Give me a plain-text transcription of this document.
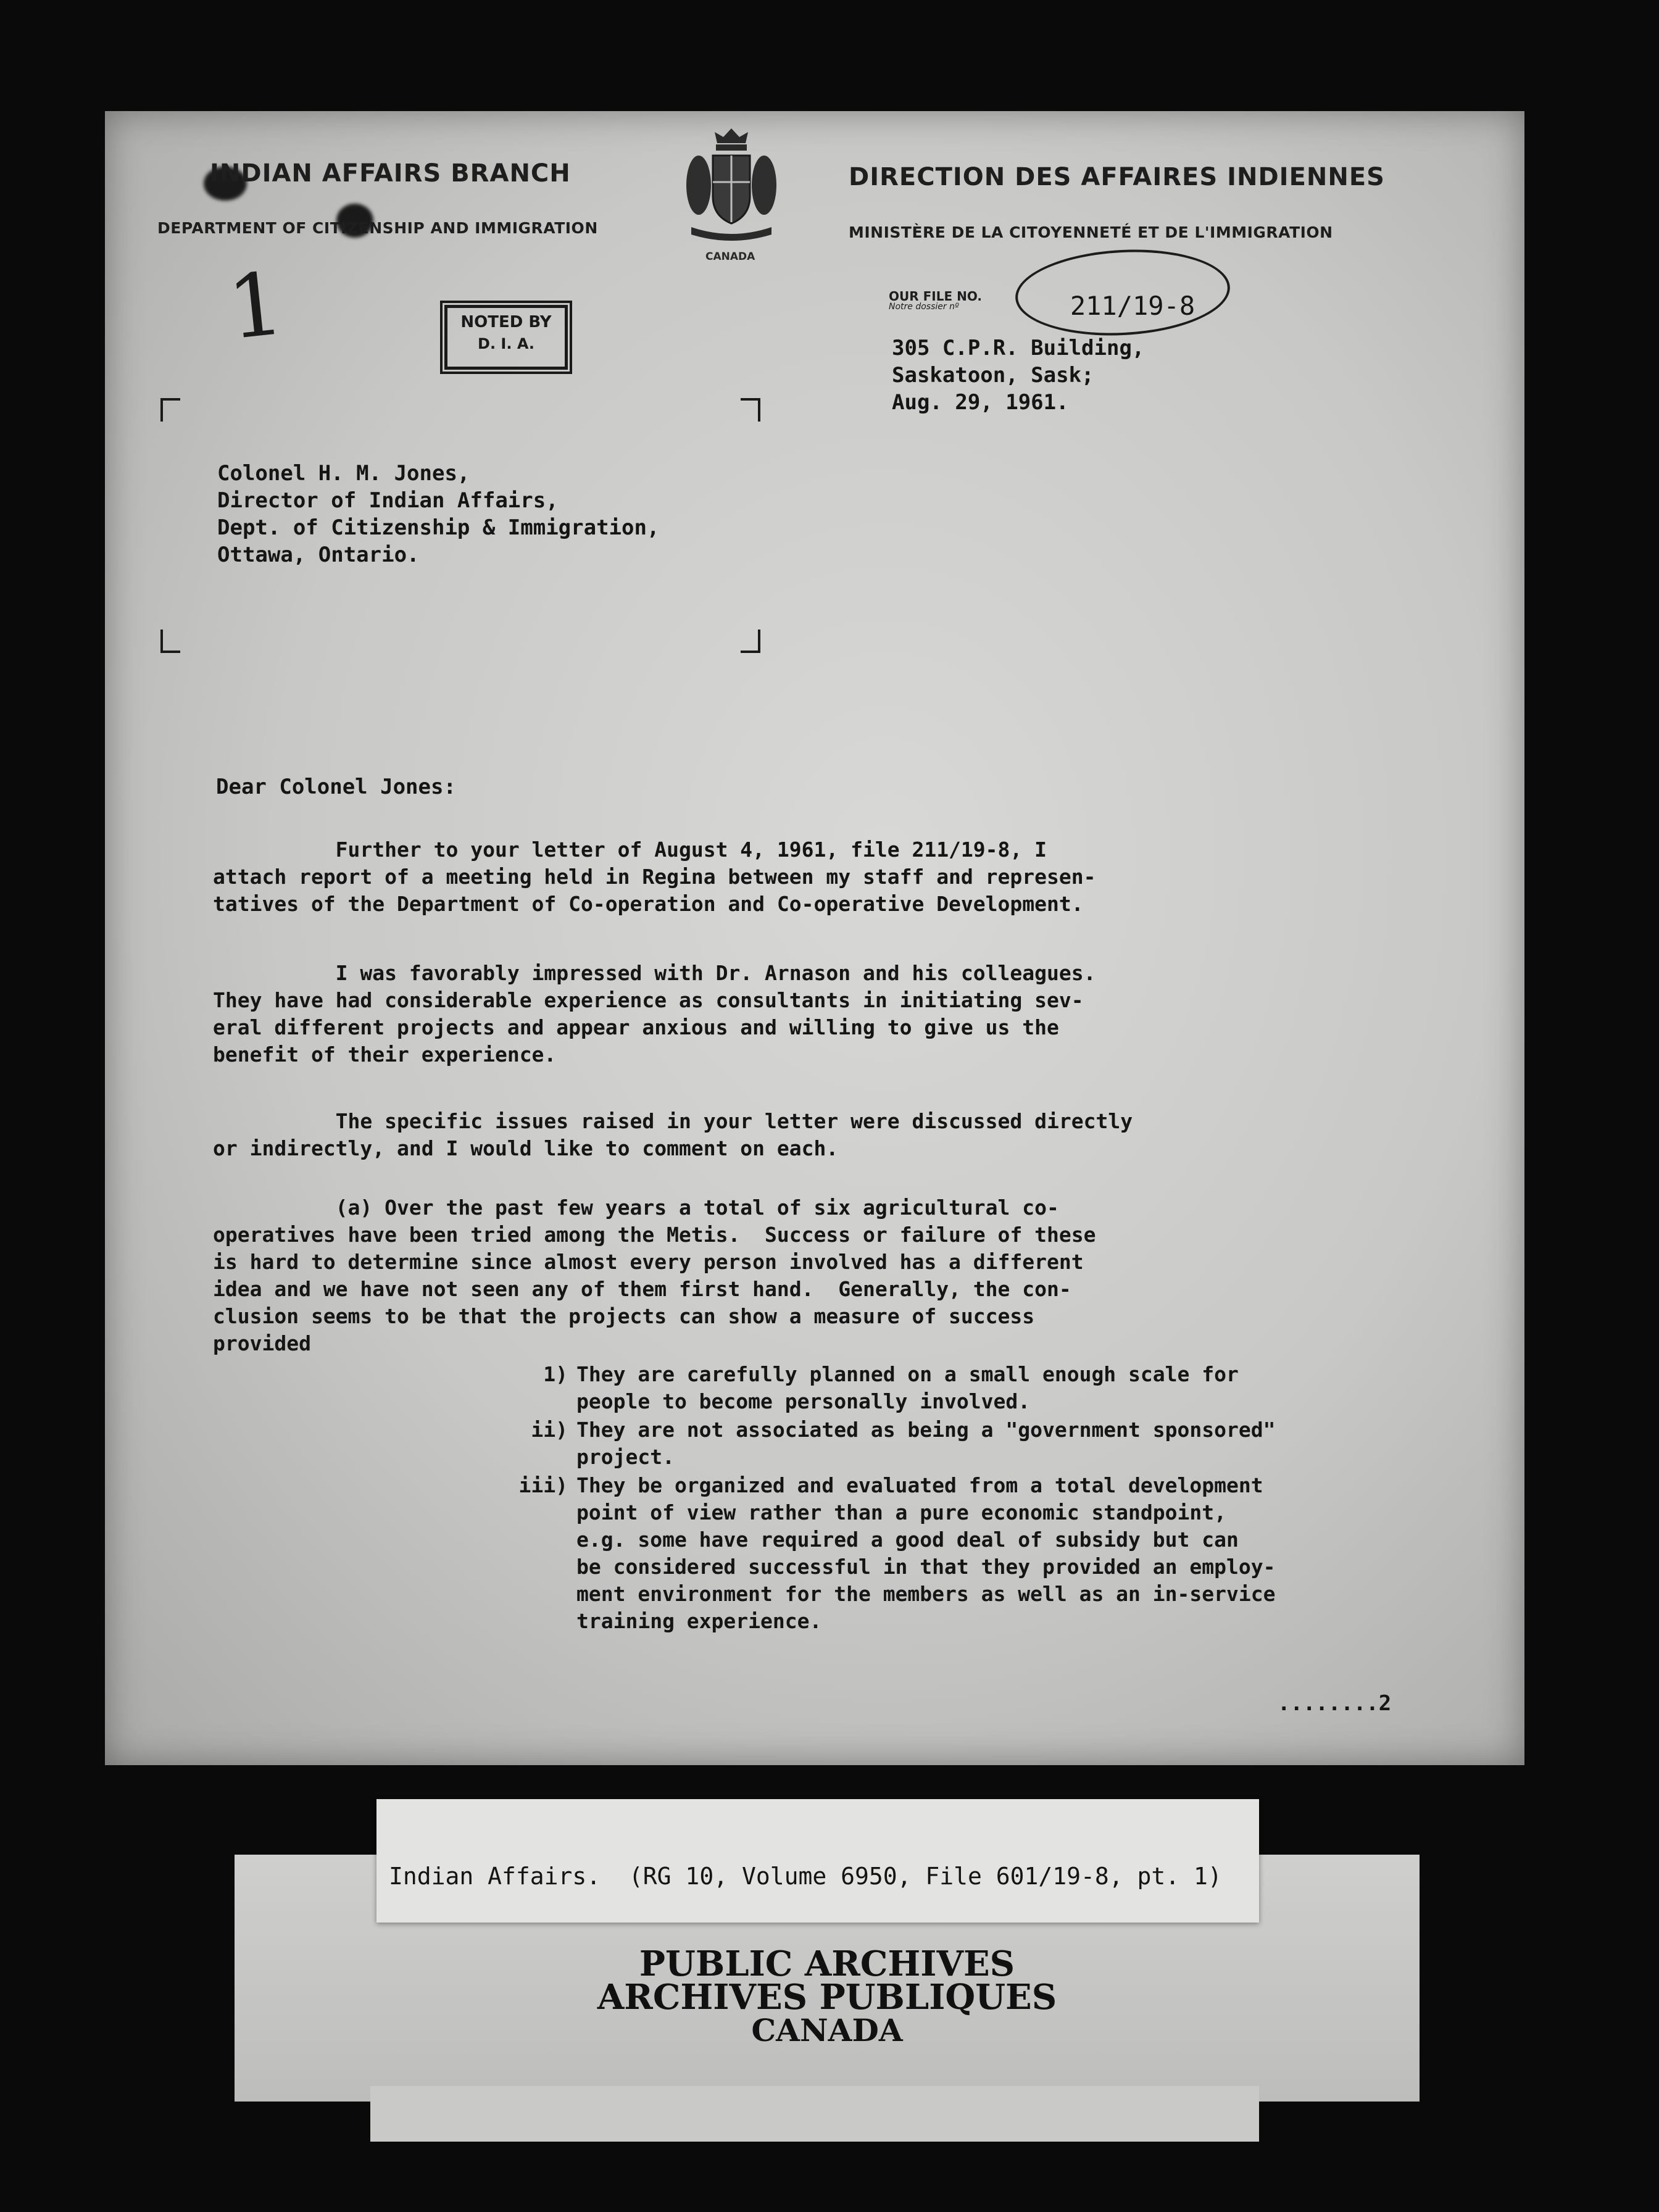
INDIAN AFFAIRS BRANCH
DEPARTMENT OF CITIZENSHIP AND IMMIGRATION
DIRECTION DES AFFAIRES INDIENNES
MINISTÈRE DE LA CITOYENNETÉ ET DE L'IMMIGRATION
CANADA
OUR FILE NO.
Notre dossier nº	211/19-8
1	NOTED BY
D. I. A.	305 C.P.R. Building,
Saskatoon, Sask;
Aug. 29, 1961.
Colonel H. M. Jones,
Director of Indian Affairs,
Dept. of Citizenship & Immigration,
Ottawa, Ontario.
Dear Colonel Jones:
Further to your letter of August 4, 1961, file 211/19-8, I
attach report of a meeting held in Regina between my staff and represen-
tatives of the Department of Co-operation and Co-operative Development.
I was favorably impressed with Dr. Arnason and his colleagues.
They have had considerable experience as consultants in initiating sev-
eral different projects and appear anxious and willing to give us the
benefit of their experience.
The specific issues raised in your letter were discussed directly
or indirectly, and I would like to comment on each.
(a) Over the past few years a total of six agricultural co-
operatives have been tried among the Metis.  Success or failure of these
is hard to determine since almost every person involved has a different
idea and we have not seen any of them first hand.  Generally, the con-
clusion seems to be that the projects can show a measure of success
provided
1) They are carefully planned on a small enough scale for
people to become personally involved.
ii) They are not associated as being a "government sponsored"
project.
iii) They be organized and evaluated from a total development
point of view rather than a pure economic standpoint,
e.g. some have required a good deal of subsidy but can
be considered successful in that they provided an employ-
ment environment for the members as well as an in-service
training experience.
........2
Indian Affairs.  (RG 10, Volume 6950, File 601/19-8, pt. 1)
PUBLIC ARCHIVES
ARCHIVES PUBLIQUES
CANADA
